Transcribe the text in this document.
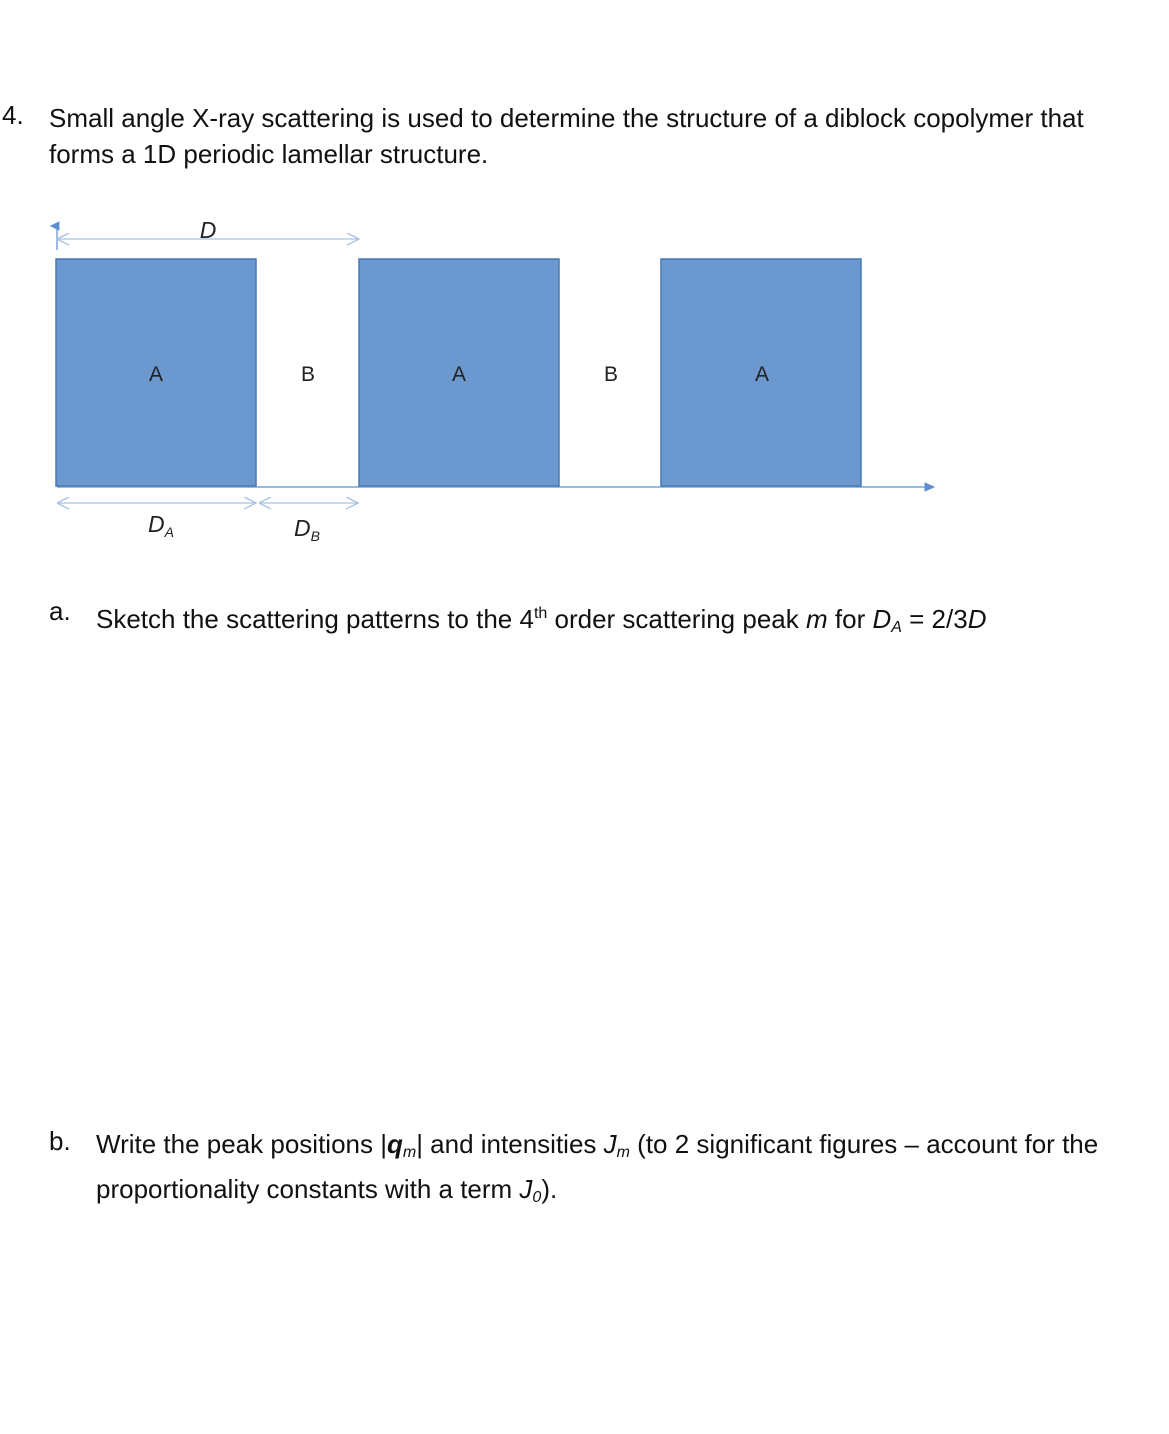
4. Small angle X-ray scattering is used to determine the structure of a diblock copolymer that
forms a 1D periodic lamellar structure.
D
A	B	A	B	A
$D_A$	$D_B$
a. Sketch the scattering patterns to the 4th order scattering peak m for $D_A = 2/3D$
b. Write the peak positions $|q_m|$ and intensities $J_m$ (to 2 significant figures – account for the
proportionality constants with a term $J_0$).
